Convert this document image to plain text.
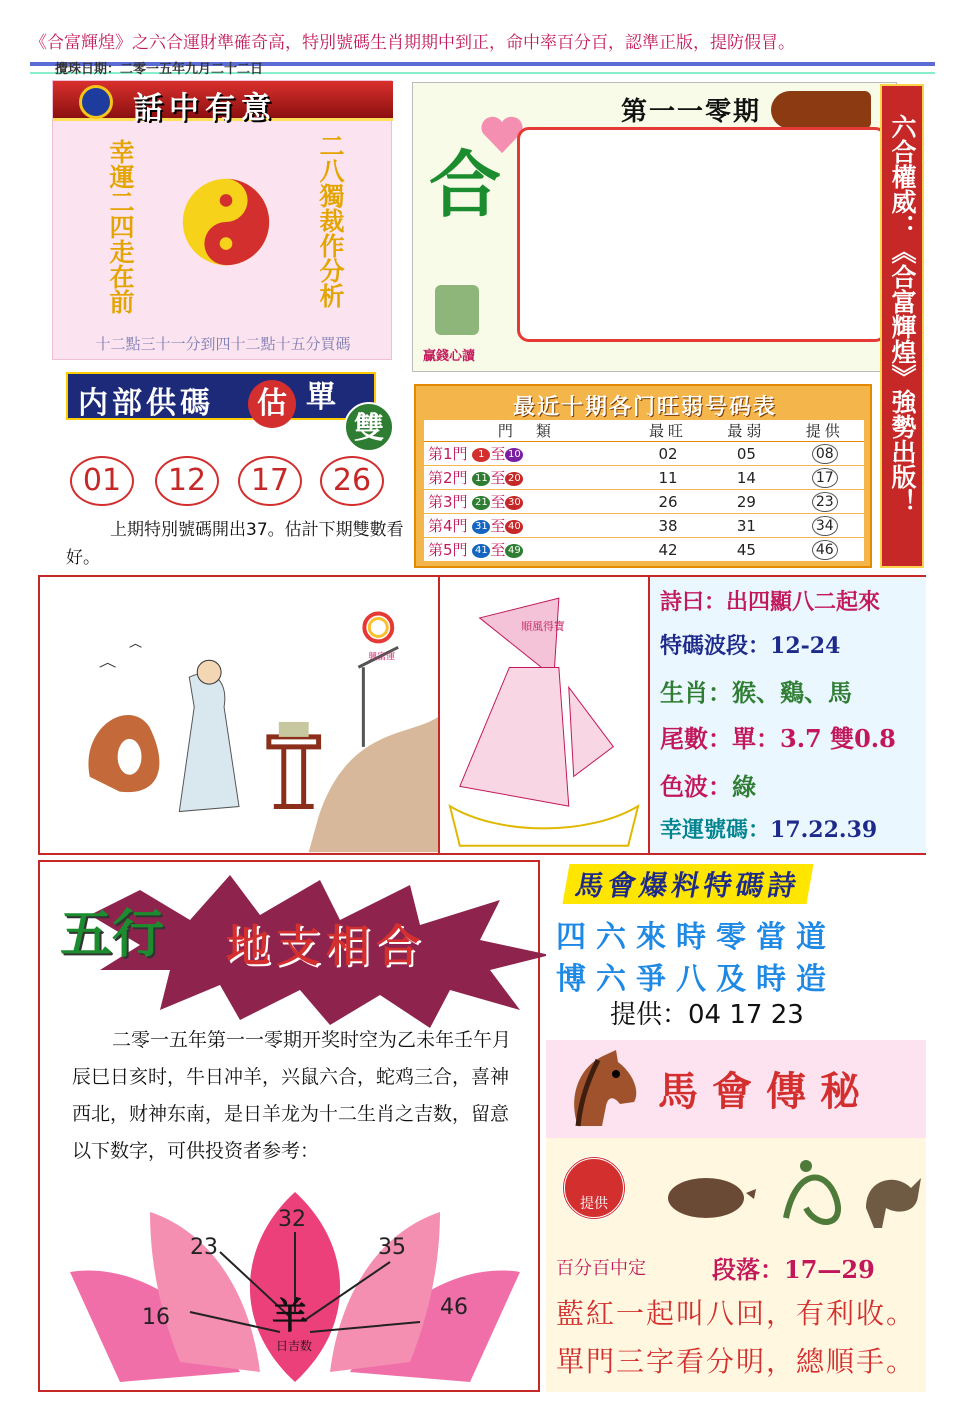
《合富輝煌》之六合運財準確奇高，特別號碼生肖期期中到正，命中率百分百，認準正版，提防假冒。
攪珠日期：二零一五年九月二十二日
話中有意
幸運二四走在前	二八獨裁作分析
十二點三十一分到四十二點十五分買碼
合
贏錢心讀
第一一零期
六合權威：《合富輝煌》強勢出版！
内部供碼	估 單
雙
01	12	17	26
上期特別號碼開出37。估計下期雙數看好。
最近十期各门旺弱号码表
門　類	最旺	最弱	提供
第1門 1 至 10	02	05	08
第2門 11 至 20	11	14	17
第3門 21 至 30	26	29	23
第4門 31 至 40	38	31	34
第5門 41 至 49	42	45	46
興富運
順風得寶
詩曰：出四顯八二起來
特碼波段：12-24
生肖：猴、鷄、馬
尾數：單：3.7 雙0.8
色波：綠
幸運號碼：17.22.39
五行 地支相合
二零一五年第一一零期开奖时空为乙未年壬午月辰巳日亥时，牛日冲羊，兴鼠六合，蛇鸡三合，喜神西北，财神东南，是日羊龙为十二生肖之吉数，留意以下数字，可供投资者参考：
32
23	35
16	46
羊
日吉数
馬會爆料特碼詩
四六來時零當道
博六爭八及時造
提供：04 17 23
馬會傳秘
提供
百分百中定	段落：17—29
藍紅一起叫八回，有利收。
單門三字看分明，總順手。
